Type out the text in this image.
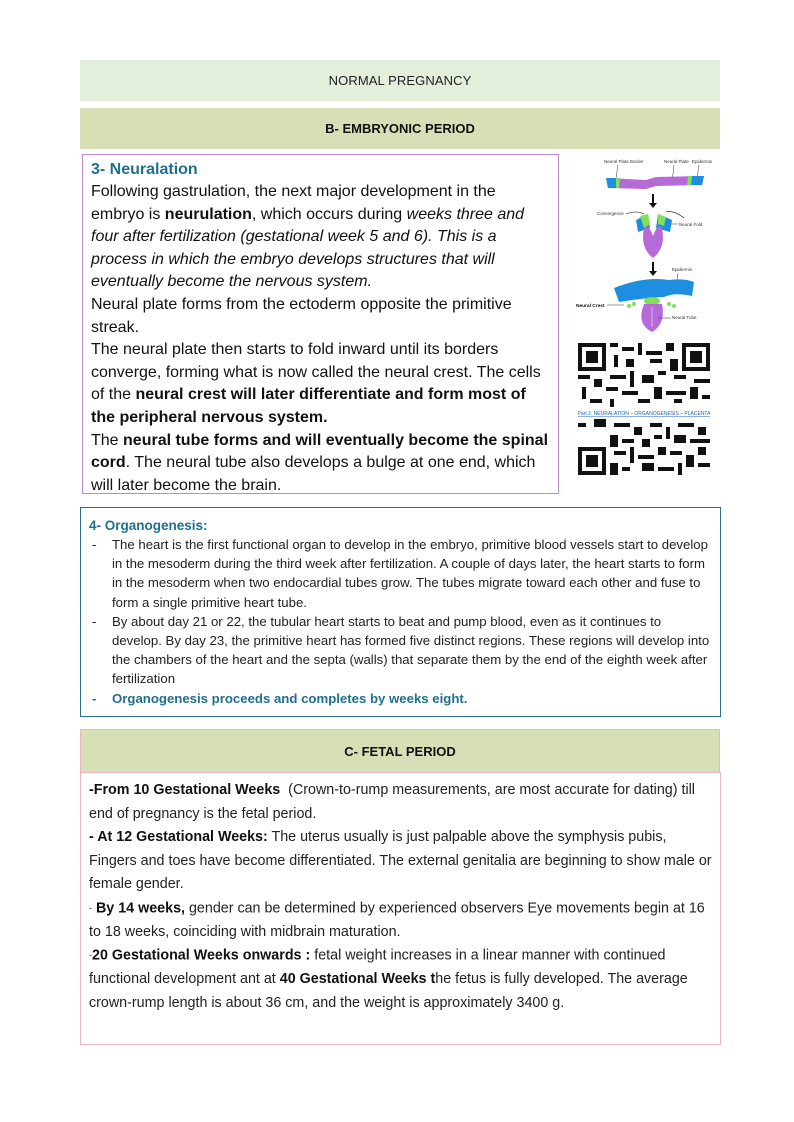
NORMAL PREGNANCY
B- EMBRYONIC PERIOD
3- Neuralation

Following gastrulation, the next major development in the embryo is neurulation, which occurs during weeks three and four after fertilization (gestational week 5 and 6). This is a process in which the embryo develops structures that will eventually become the nervous system.

Neural plate forms from the ectoderm opposite the primitive streak.

The neural plate then starts to fold inward until its borders converge, forming what is now called the neural crest. The cells of the neural crest will later differentiate and form most of the peripheral nervous system.

The neural tube forms and will eventually become the spinal cord. The neural tube also develops a bulge at one end, which will later become the brain.

Neural Plate Border	Neural Plate Epidermis
Convergence
Neural Fold
Epidermis
Neural Crest
Neural Tube
Part 2. NEURALATION – ORGANOGENESIS – PLACENTA
4- Organogenesis:
-	The heart is the first functional organ to develop in the embryo, primitive blood vessels start to develop in the mesoderm during the third week after fertilization. A couple of days later, the heart starts to form in the mesoderm when two endocardial tubes grow. The tubes migrate toward each other and fuse to form a single primitive heart tube.
-	By about day 21 or 22, the tubular heart starts to beat and pump blood, even as it continues to develop. By day 23, the primitive heart has formed five distinct regions. These regions will develop into the chambers of the heart and the septa (walls) that separate them by the end of the eighth week after fertilization
-	Organogenesis proceeds and completes by weeks eight.
C- FETAL PERIOD

-From 10 Gestational Weeks  (Crown-to-rump measurements, are most accurate for dating) till end of pregnancy is the fetal period.

- At 12 Gestational Weeks: The uterus usually is just palpable above the symphysis pubis, Fingers and toes have become differentiated. The external genitalia are beginning to show male or female gender.

- By 14 weeks, gender can be determined by experienced observers Eye movements begin at 16 to 18 weeks, coinciding with midbrain maturation.

-20 Gestational Weeks onwards : fetal weight increases in a linear manner with continued functional development ant at 40 Gestational Weeks the fetus is fully developed. The average crown-rump length is about 36 cm, and the weight is approximately 3400 g.
